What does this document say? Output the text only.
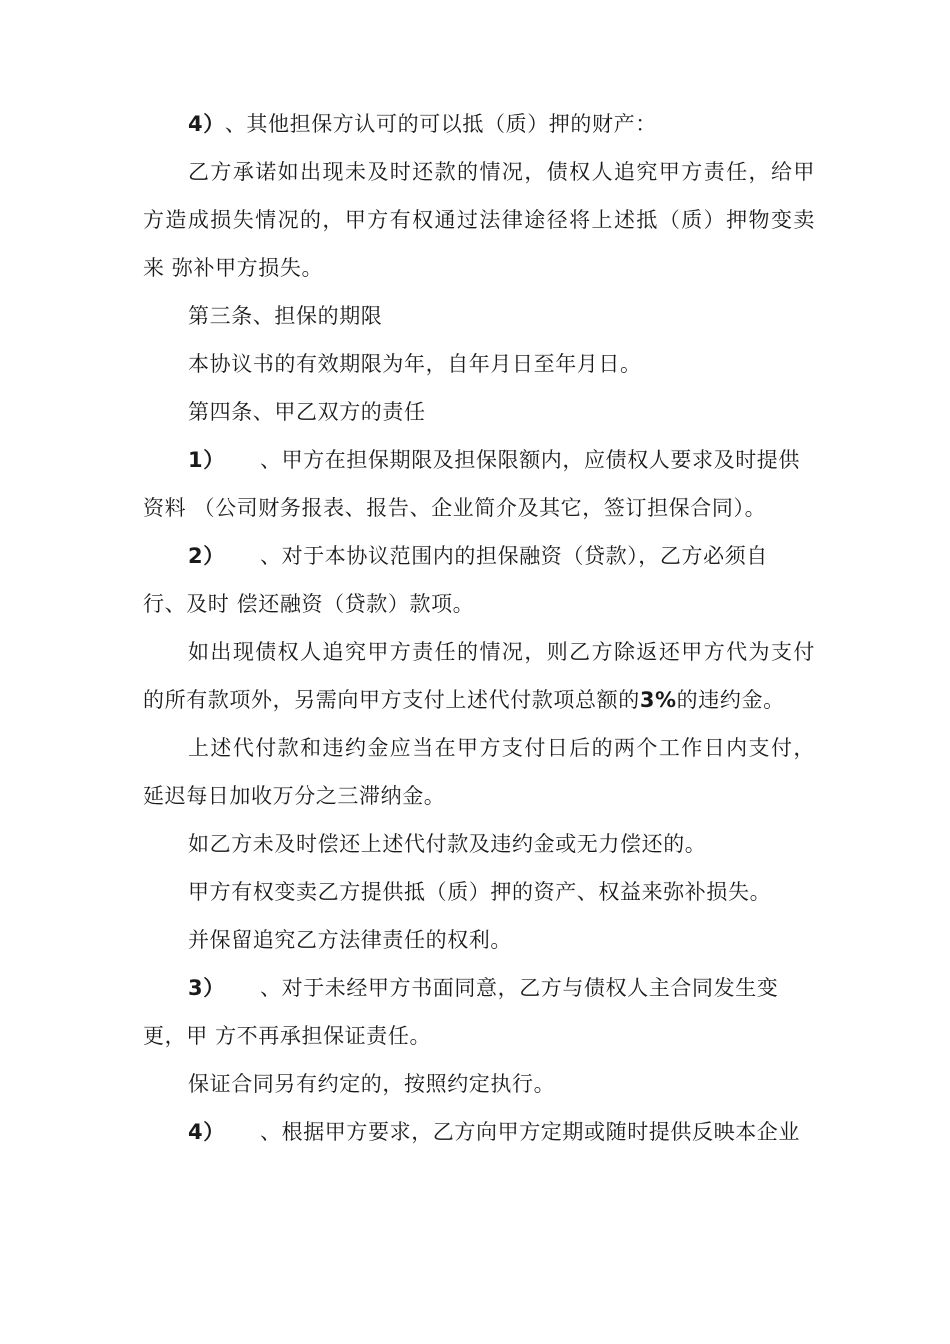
4）、其他担保方认可的可以抵（质）押的财产：
乙方承诺如出现未及时还款的情况，债权人追究甲方责任，给甲
方造成损失情况的，甲方有权通过法律途径将上述抵（质）押物变卖
来 弥补甲方损失。
第三条、担保的期限
本协议书的有效期限为年，自年月日至年月日。
第四条、甲乙双方的责任
1） 、甲方在担保期限及担保限额内，应债权人要求及时提供
资料 （公司财务报表、报告、企业简介及其它，签订担保合同）。
2） 、对于本协议范围内的担保融资（贷款），乙方必须自
行、及时 偿还融资（贷款）款项。
如出现债权人追究甲方责任的情况，则乙方除返还甲方代为支付
的所有款项外，另需向甲方支付上述代付款项总额的3%的违约金。
上述代付款和违约金应当在甲方支付日后的两个工作日内支付，
延迟每日加收万分之三滞纳金。
如乙方未及时偿还上述代付款及违约金或无力偿还的。
甲方有权变卖乙方提供抵（质）押的资产、权益来弥补损失。
并保留追究乙方法律责任的权利。
3） 、对于未经甲方书面同意，乙方与债权人主合同发生变
更，甲 方不再承担保证责任。
保证合同另有约定的，按照约定执行。
4） 、根据甲方要求，乙方向甲方定期或随时提供反映本企业
